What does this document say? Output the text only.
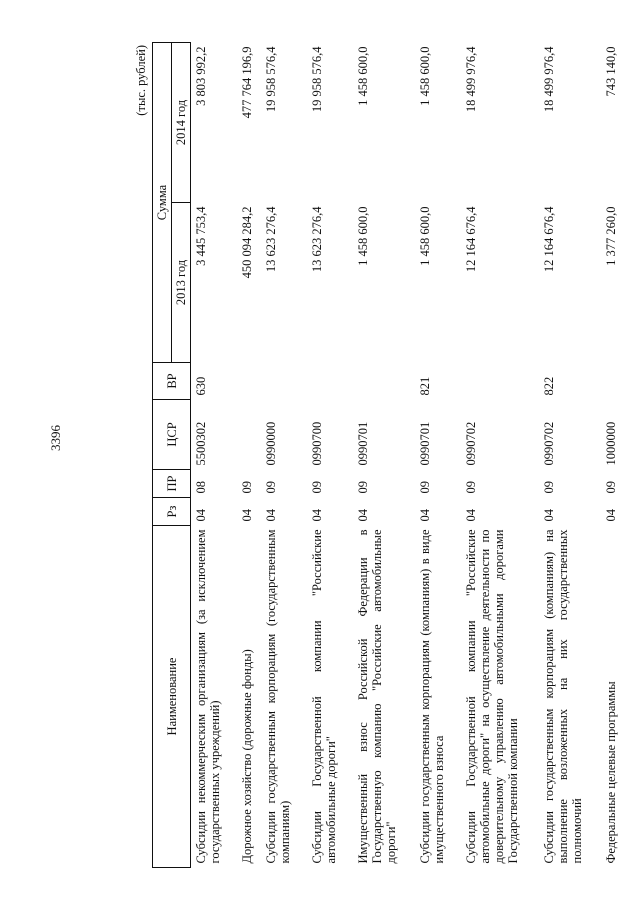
3396
(тыс. рублей)
Наименование	Рз	ПР	ЦСР	ВР	Сумма	
					2013 год	2014 год
Субсидии некоммерческим организациям (за исключением государственных учреждений)	04	08	5500302	630	3 445 753,4	3 803 992,2
Дорожное хозяйство (дорожные фонды)	04	09			450 094 284,2	477 764 196,9
Субсидии государственным корпорациям (государственным компаниям)	04	09	0990000		13 623 276,4	19 958 576,4
Субсидии Государственной компании "Российские автомобильные дороги"	04	09	0990700		13 623 276,4	19 958 576,4
Имущественный взнос Российской Федерации в Государственную компанию "Российские автомобильные дороги"	04	09	0990701		1 458 600,0	1 458 600,0
Субсидии государственным корпорациям (компаниям) в виде имущественного взноса	04	09	0990701	821	1 458 600,0	1 458 600,0
Субсидии Государственной компании "Российские автомобильные дороги" на осуществление деятельности по доверительному управлению автомобильными дорогами Государственной компании	04	09	0990702		12 164 676,4	18 499 976,4
Субсидии государственным корпорациям (компаниям) на выполнение возложенных на них государственных полномочий	04	09	0990702	822	12 164 676,4	18 499 976,4
Федеральные целевые программы	04	09	1000000		1 377 260,0	743 140,0
